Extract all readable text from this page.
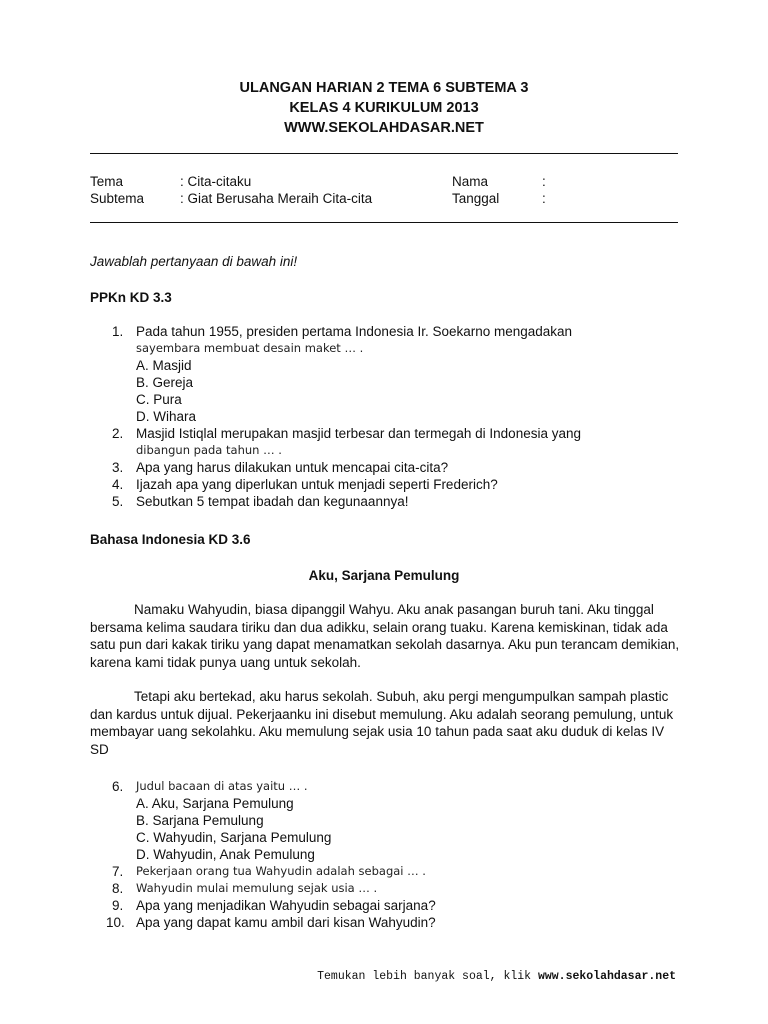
ULANGAN HARIAN 2 TEMA 6 SUBTEMA 3
KELAS 4 KURIKULUM 2013
WWW.SEKOLAHDASAR.NET
Tema	: Cita-citaku	Nama	:
Subtema	: Giat Berusaha Meraih Cita-cita	Tanggal	:
Jawablah pertanyaan di bawah ini!
PPKn KD 3.3
1. Pada tahun 1955, presiden pertama Indonesia Ir. Soekarno mengadakan
sayembara membuat desain maket … .
A. Masjid
B. Gereja
C. Pura
D. Wihara
2. Masjid Istiqlal merupakan masjid terbesar dan termegah di Indonesia yang
dibangun pada tahun … .
3. Apa yang harus dilakukan untuk mencapai cita-cita?
4. Ijazah apa yang diperlukan untuk menjadi seperti Frederich?
5. Sebutkan 5 tempat ibadah dan kegunaannya!
Bahasa Indonesia KD 3.6
Aku, Sarjana Pemulung
Namaku Wahyudin, biasa dipanggil Wahyu. Aku anak pasangan buruh tani. Aku tinggal bersama kelima saudara tiriku dan dua adikku, selain orang tuaku. Karena kemiskinan, tidak ada satu pun dari kakak tiriku yang dapat menamatkan sekolah dasarnya. Aku pun terancam demikian, karena kami tidak punya uang untuk sekolah.
Tetapi aku bertekad, aku harus sekolah. Subuh, aku pergi mengumpulkan sampah plastic dan kardus untuk dijual. Pekerjaanku ini disebut memulung. Aku adalah seorang pemulung, untuk membayar uang sekolahku. Aku memulung sejak usia 10 tahun pada saat aku duduk di kelas IV SD
6.	Judul bacaan di atas yaitu … .
A. Aku, Sarjana Pemulung
B. Sarjana Pemulung
C. Wahyudin, Sarjana Pemulung
D. Wahyudin, Anak Pemulung
7.	Pekerjaan orang tua Wahyudin adalah sebagai … .
8.	Wahyudin mulai memulung sejak usia … .
9. Apa yang menjadikan Wahyudin sebagai sarjana?
10. Apa yang dapat kamu ambil dari kisan Wahyudin?
Temukan lebih banyak soal, klik www.sekolahdasar.net
